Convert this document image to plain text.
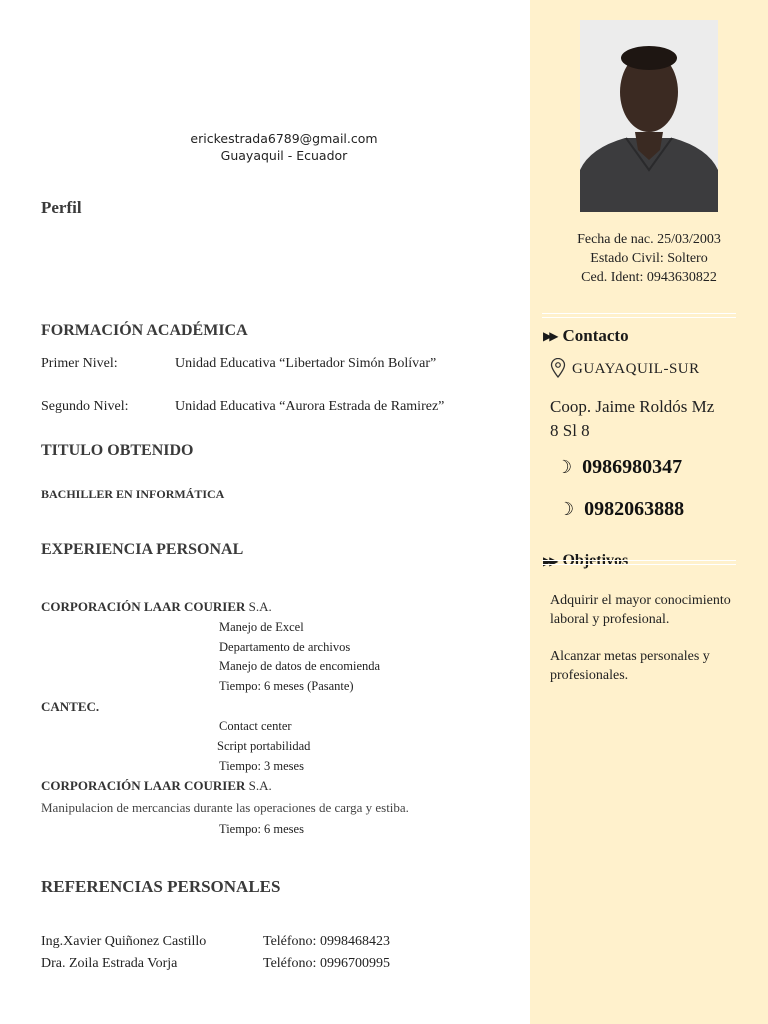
erickestrada6789@gmail.com
Guayaquil - Ecuador
Perfil
FORMACIÓN ACADÉMICA
Primer Nivel:	Unidad Educativa “Libertador Simón Bolívar”
Segundo Nivel:	Unidad Educativa “Aurora Estrada de Ramirez”
TITULO OBTENIDO
BACHILLER EN INFORMÁTICA
EXPERIENCIA PERSONAL
CORPORACIÓN LAAR COURIER S.A.
Manejo de Excel
Departamento de archivos
Manejo de datos de encomienda
Tiempo: 6 meses (Pasante)
CANTEC.
Contact center
Script portabilidad
Tiempo: 3 meses
CORPORACIÓN LAAR COURIER S.A.
Manipulacion de mercancias durante las operaciones de carga y estiba.
Tiempo: 6 meses
REFERENCIAS PERSONALES
Ing.Xavier Quiñonez Castillo	Teléfono: 0998468423
Dra. Zoila Estrada Vorja	Teléfono: 0996700995
Fecha de nac. 25/03/2003
Estado Civil: Soltero
Ced. Ident: 0943630822
▶▶ Contacto
GUAYAQUIL-SUR
Coop. Jaime Roldós Mz
8 Sl 8
☽ 0986980347
☽ 0982063888
▶▶ Objetivos
Adquirir el mayor conocimiento laboral y profesional.
Alcanzar metas personales y profesionales.
